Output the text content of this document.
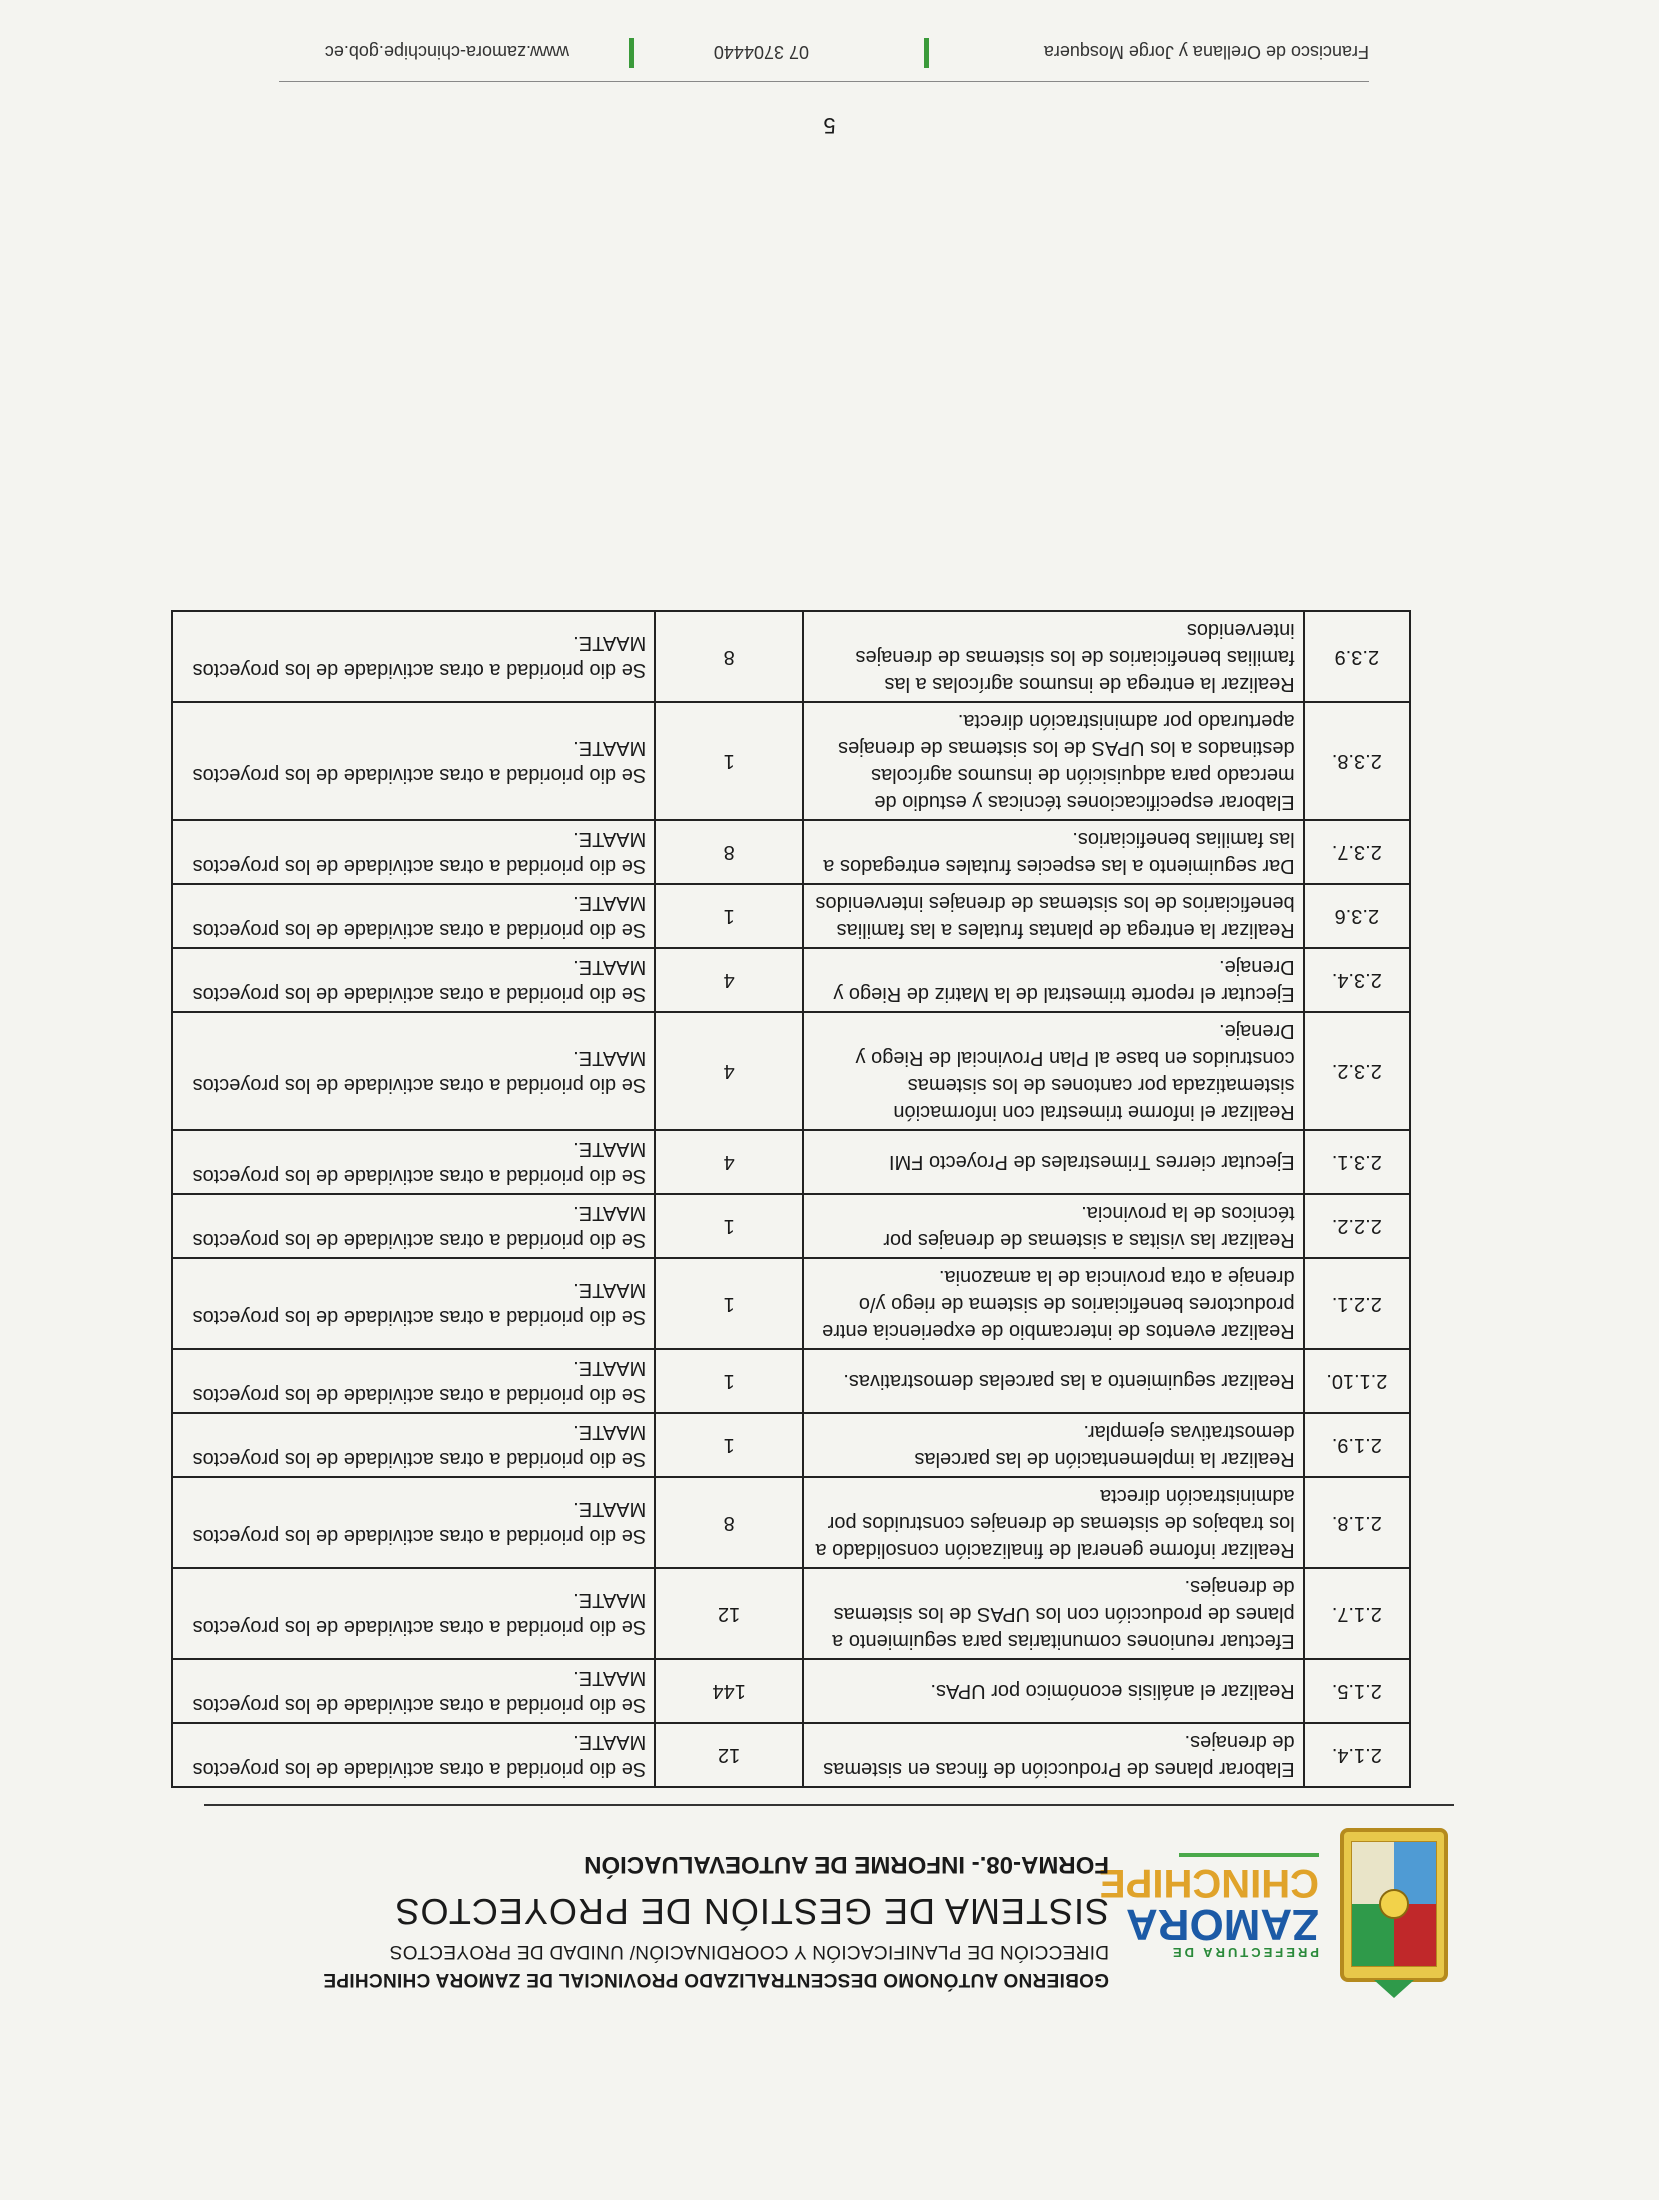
PREFECTURA DE
ZAMORA
CHINCHIPE
GOBIERNO AUTÓNOMO DESCENTRALIZADO PROVINCIAL DE ZAMORA CHINCHIPE
DIRECCIÓN DE PLANIFICACIÓN Y COORDINACIÓN/ UNIDAD DE PROYECTOS
SISTEMA DE GESTIÓN DE PROYECTOS
FORMA-08.- INFORME DE AUTOEVALUACIÓN
2.1.4.	Elaborar planes de Producción de fincas en sistemas de drenajes.	12	Se dio prioridad a otras actividade de los proyectos MAATE.
2.1.5.	Realizar el análisis económico por UPAs.	144	Se dio prioridad a otras actividade de los proyectos MAATE.
2.1.7.	Efectuar reuniones comunitarias para seguimiento a planes de producción con los UPAS de los sistemas de drenajes.	12	Se dio prioridad a otras actividade de los proyectos MAATE.
2.1.8.	Realizar informe general de finalización consolidado a los trabajos de sistemas de drenajes construidos por administración directa	8	Se dio prioridad a otras actividade de los proyectos MAATE.
2.1.9.	Realizar la implementación de las parcelas demostrativas ejemplar.	1	Se dio prioridad a otras actividade de los proyectos MAATE.
2.1.10.	Realizar seguimiento a las parcelas demostrativas.	1	Se dio prioridad a otras actividade de los proyectos MAATE.
2.2.1.	Realizar eventos de intercambio de experiencia entre productores beneficiarios de sistema de riego y/o drenaje a otra provincia de la amazonia.	1	Se dio prioridad a otras actividade de los proyectos MAATE.
2.2.2.	Realizar las visitas a sistemas de drenajes por técnicos de la provincia.	1	Se dio prioridad a otras actividade de los proyectos MAATE.
2.3.1.	Ejecutar cierres Trimestrales de Proyecto FMI	4	Se dio prioridad a otras actividade de los proyectos MAATE.
2.3.2.	Realizar el informe trimestral con información sistematizada por cantones de los sistemas construidos en base al Plan Provincial de Riego y Drenaje.	4	Se dio prioridad a otras actividade de los proyectos MAATE.
2.3.4.	Ejecutar el reporte trimestral de la Matriz de Riego y Drenaje.	4	Se dio prioridad a otras actividade de los proyectos MAATE.
2.3.6	Realizar la entrega de plantas frutales a las familias beneficiarios de los sistemas de drenajes intervenidos	1	Se dio prioridad a otras actividade de los proyectos MAATE.
2.3.7.	Dar seguimiento a las especies frutales entregados a las familias beneficiarios.	8	Se dio prioridad a otras actividade de los proyectos MAATE.
2.3.8.	Elaborar especificaciones técnicas y estudio de mercado para adquisición de insumos agrícolas destinados a los UPAS de los sistemas de drenajes aperturado por administración directa.	1	Se dio prioridad a otras actividade de los proyectos MAATE.
2.3.9	Realizar la entrega de insumos agrícolas a las familias beneficiarios de los sistemas de drenajes intervenidos	8	Se dio prioridad a otras actividade de los proyectos MAATE.
5
Francisco de Orellana y Jorge Mosquera
07 3704440
www.zamora-chinchipe.gob.ec
